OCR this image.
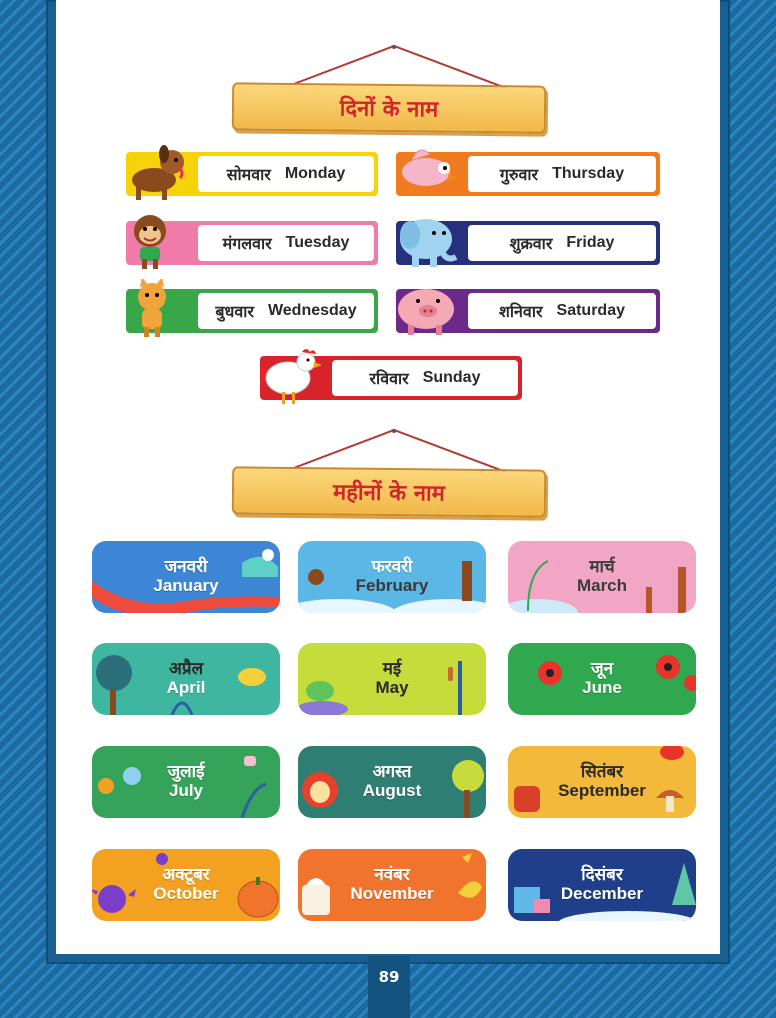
दिनों के नाम
सोमवार Monday
मंगलवार Tuesday
बुधवार Wednesday
गुरुवार Thursday
शुक्रवार Friday
शनिवार Saturday
रविवार Sunday
महीनों के नाम
जनवरी
January
फरवरी
February
मार्च
March
अप्रैल
April
मई
May
जून
June
जुलाई
July
अगस्त
August
सितंबर
September
अक्टूबर
October
नवंबर
November
दिसंबर
December
89
